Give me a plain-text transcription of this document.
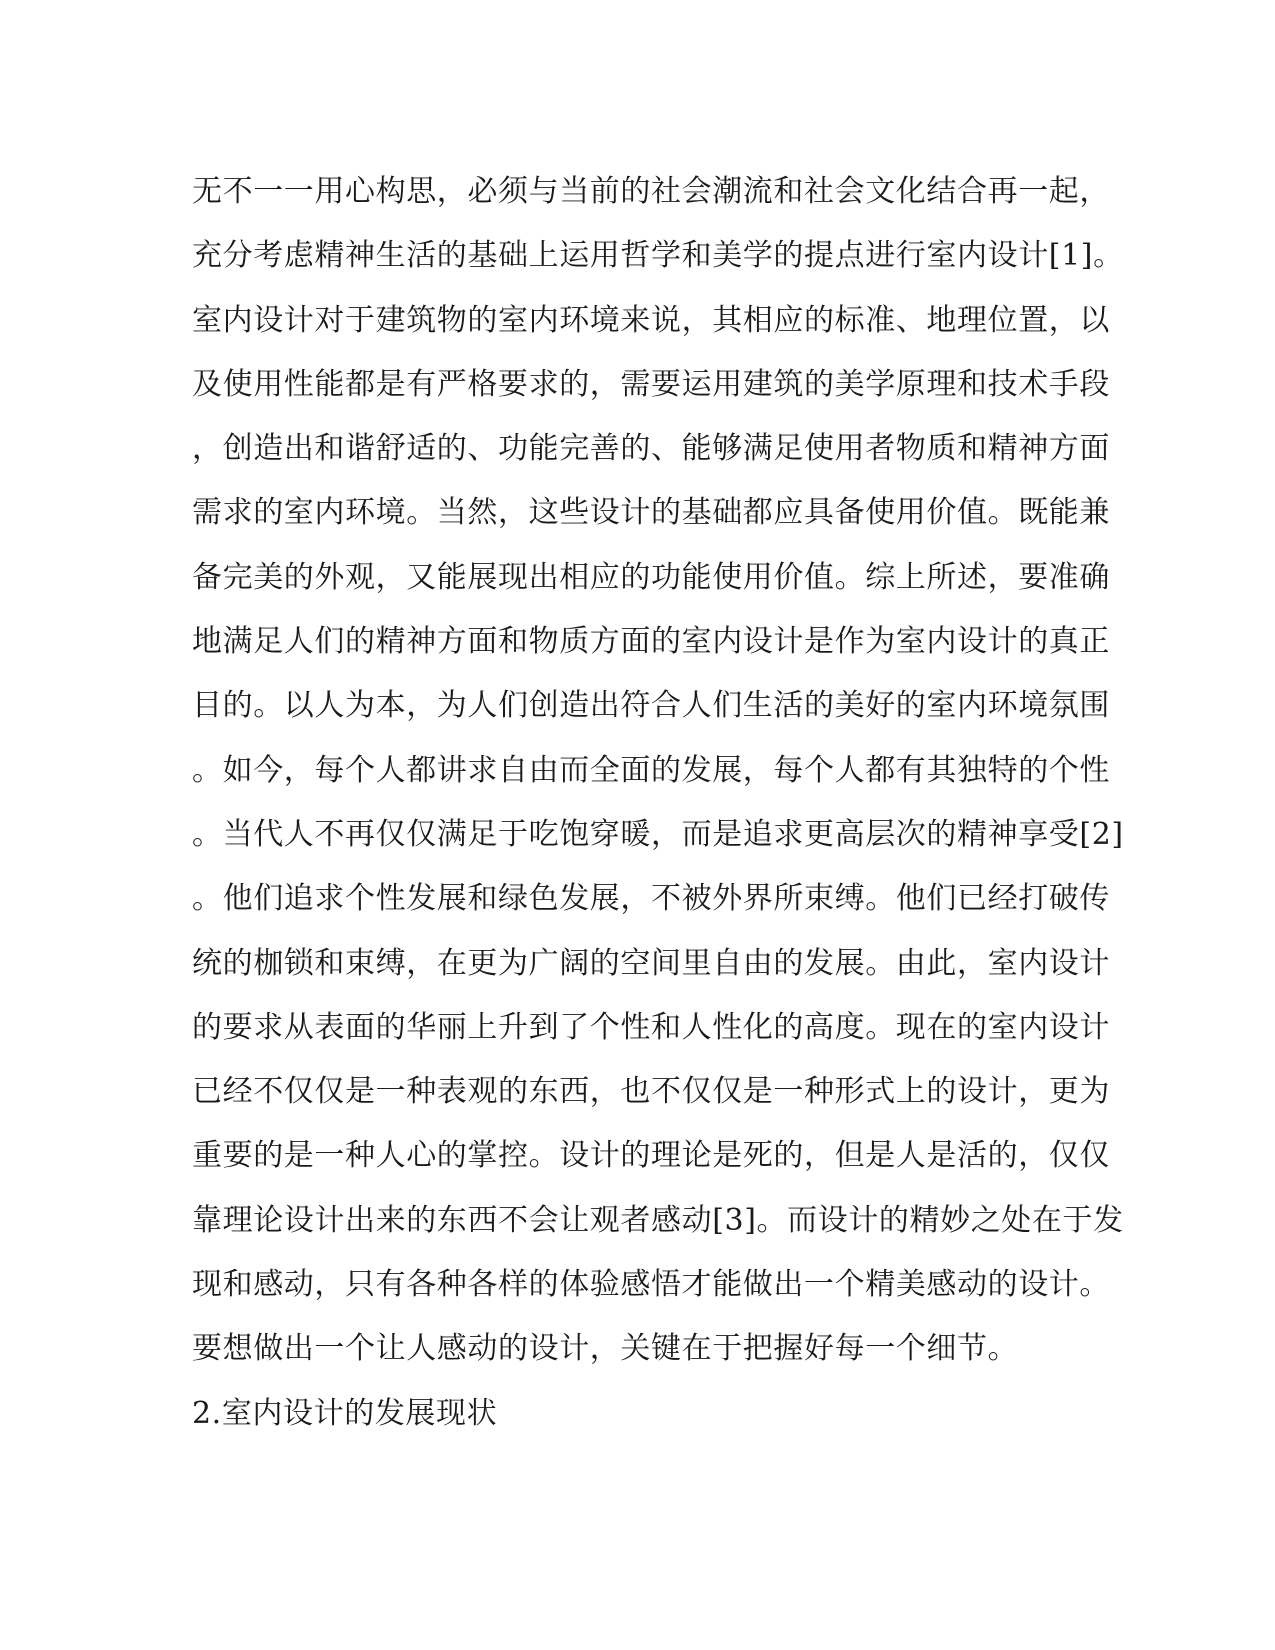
无不一一用心构思，必须与当前的社会潮流和社会文化结合再一起，
充分考虑精神生活的基础上运用哲学和美学的提点进行室内设计[1]。
室内设计对于建筑物的室内环境来说，其相应的标准、地理位置，以
及使用性能都是有严格要求的，需要运用建筑的美学原理和技术手段
，创造出和谐舒适的、功能完善的、能够满足使用者物质和精神方面
需求的室内环境。当然，这些设计的基础都应具备使用价值。既能兼
备完美的外观，又能展现出相应的功能使用价值。综上所述，要准确
地满足人们的精神方面和物质方面的室内设计是作为室内设计的真正
目的。以人为本，为人们创造出符合人们生活的美好的室内环境氛围
。如今，每个人都讲求自由而全面的发展，每个人都有其独特的个性
。当代人不再仅仅满足于吃饱穿暖，而是追求更高层次的精神享受[2]
。他们追求个性发展和绿色发展，不被外界所束缚。他们已经打破传
统的枷锁和束缚，在更为广阔的空间里自由的发展。由此，室内设计
的要求从表面的华丽上升到了个性和人性化的高度。现在的室内设计
已经不仅仅是一种表观的东西，也不仅仅是一种形式上的设计，更为
重要的是一种人心的掌控。设计的理论是死的，但是人是活的，仅仅
靠理论设计出来的东西不会让观者感动[3]。而设计的精妙之处在于发
现和感动，只有各种各样的体验感悟才能做出一个精美感动的设计。
要想做出一个让人感动的设计，关键在于把握好每一个细节。
2.室内设计的发展现状
